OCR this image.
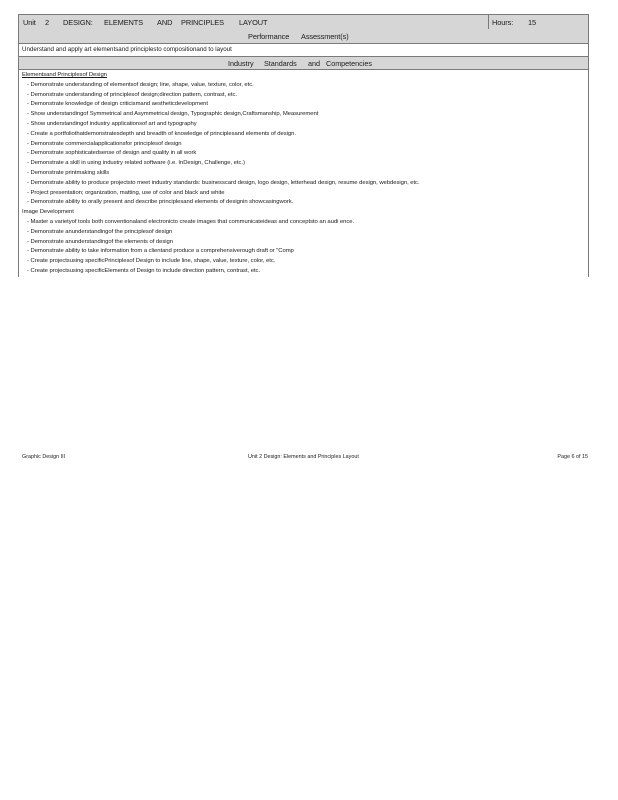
Unit 2 DESIGN: ELEMENTS AND PRINCIPLES LAYOUT	Hours: 15
Performance Assessment(s)
Understand and apply art elementsand principlesto compositionand to layout
Industry Standards and Competencies
Elementsand Principlesof Design
- Demonstrate understanding of elementsof design; line, shape, value, texture, color, etc.
- Demonstrate understanding of principlesof design;direction pattern, contrast, etc.
- Demonstrate knowledge of design criticismand aestheticdevelopment
- Show understandingof Symmetrical and Asymmetrical design, Typographic design,Craftsmanship, Measurement
- Show understandingof industry applicationsof art and typography
- Create a portfoliothatdemonstratesdepth and breadth of knowledge of principlesand elements of design.
- Demonstrate commercialapplicationsfor principlesof design
- Demonstrate sophisticatedsense of design and quality in all work
- Demonstrate a skill in using industry related software (i.e. InDesign, Challenge, etc.)
- Demonstrate printmaking skills
- Demonstrate ability to produce projectsto meet industry standards: businesscard design, logo design, letterhead design, resume design, webdesign, etc.
- Project presentation; organization, matting, use of color and black and white
- Demonstrate ability to orally present and describe principlesand elements of designin showcasingwork.
Image Development
- Master a varietyof tools both conventionaland electronicto create images that communicateideas and conceptsto an audi ence.
- Demonstrate anunderstandingof the principlesof design
- Demonstrate anunderstandingof the elements of design
- Demonstrate ability to take information from a clientand produce a comprehensiverough draft or "Comp
- Create projectsusing specificPrinciplesof Design to include line, shape, value, texture, color, etc.
- Create projectsusing specificElements of Design to include direction pattern, contrast, etc.
Graphic Design III	Unit 2 Design: Elements and Principles Layout	Page 6 of 15
